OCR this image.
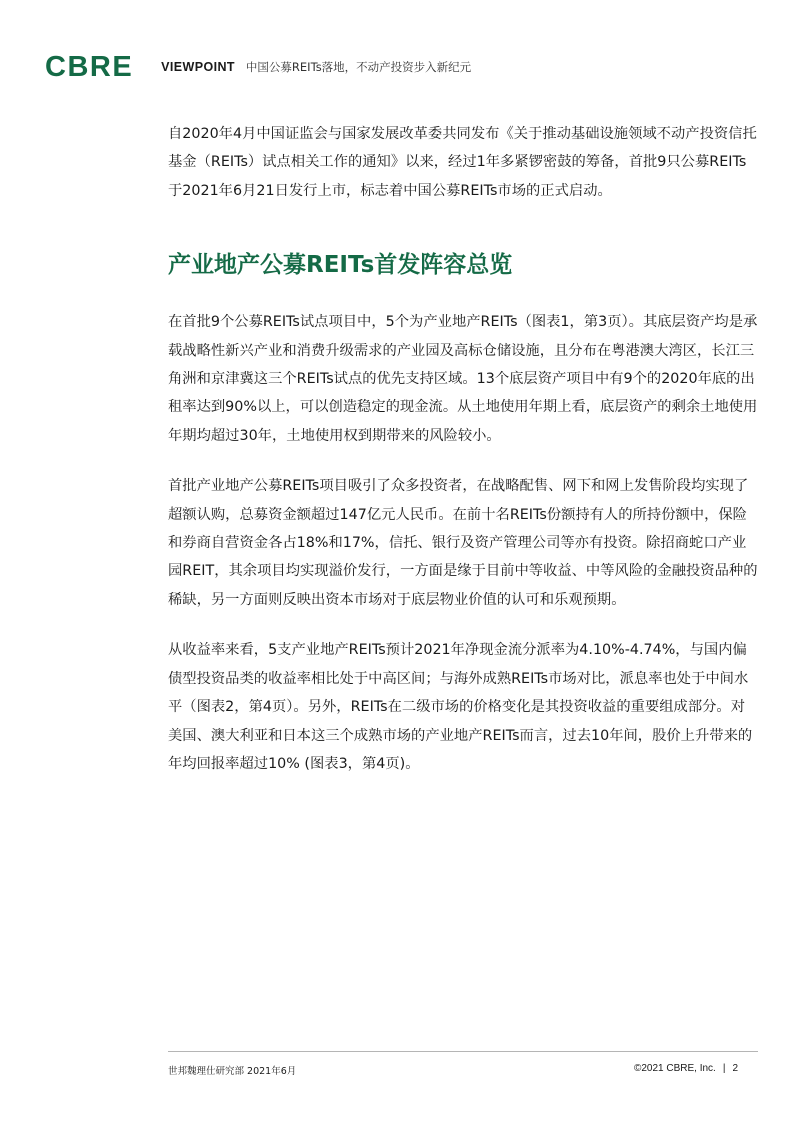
CBRE VIEWPOINT 中国公募REITs落地，不动产投资步入新纪元

自2020年4月中国证监会与国家发展改革委共同发布《关于推动基础设施领域不动产投资信托基金（REITs）试点相关工作的通知》以来，经过1年多紧锣密鼓的筹备，首批9只公募REITs于2021年6月21日发行上市，标志着中国公募REITs市场的正式启动。

产业地产公募REITs首发阵容总览

在首批9个公募REITs试点项目中，5个为产业地产REITs（图表1，第3页）。其底层资产均是承载战略性新兴产业和消费升级需求的产业园及高标仓储设施，且分布在粤港澳大湾区，长江三角洲和京津冀这三个REITs试点的优先支持区域。13个底层资产项目中有9个的2020年底的出租率达到90%以上，可以创造稳定的现金流。从土地使用年期上看，底层资产的剩余土地使用年期均超过30年，土地使用权到期带来的风险较小。

首批产业地产公募REITs项目吸引了众多投资者，在战略配售、网下和网上发售阶段均实现了超额认购，总募资金额超过147亿元人民币。在前十名REITs份额持有人的所持份额中，保险和券商自营资金各占18%和17%，信托、银行及资产管理公司等亦有投资。除招商蛇口产业园REIT，其余项目均实现溢价发行，一方面是缘于目前中等收益、中等风险的金融投资品种的稀缺，另一方面则反映出资本市场对于底层物业价值的认可和乐观预期。

从收益率来看，5支产业地产REITs预计2021年净现金流分派率为4.10%-4.74%，与国内偏债型投资品类的收益率相比处于中高区间；与海外成熟REITs市场对比，派息率也处于中间水平（图表2，第4页）。另外，REITs在二级市场的价格变化是其投资收益的重要组成部分。对美国、澳大利亚和日本这三个成熟市场的产业地产REITs而言，过去10年间，股价上升带来的年均回报率超过10% (图表3，第4页)。

世邦魏理仕研究部 2021年6月	©2021 CBRE, Inc. | 2
